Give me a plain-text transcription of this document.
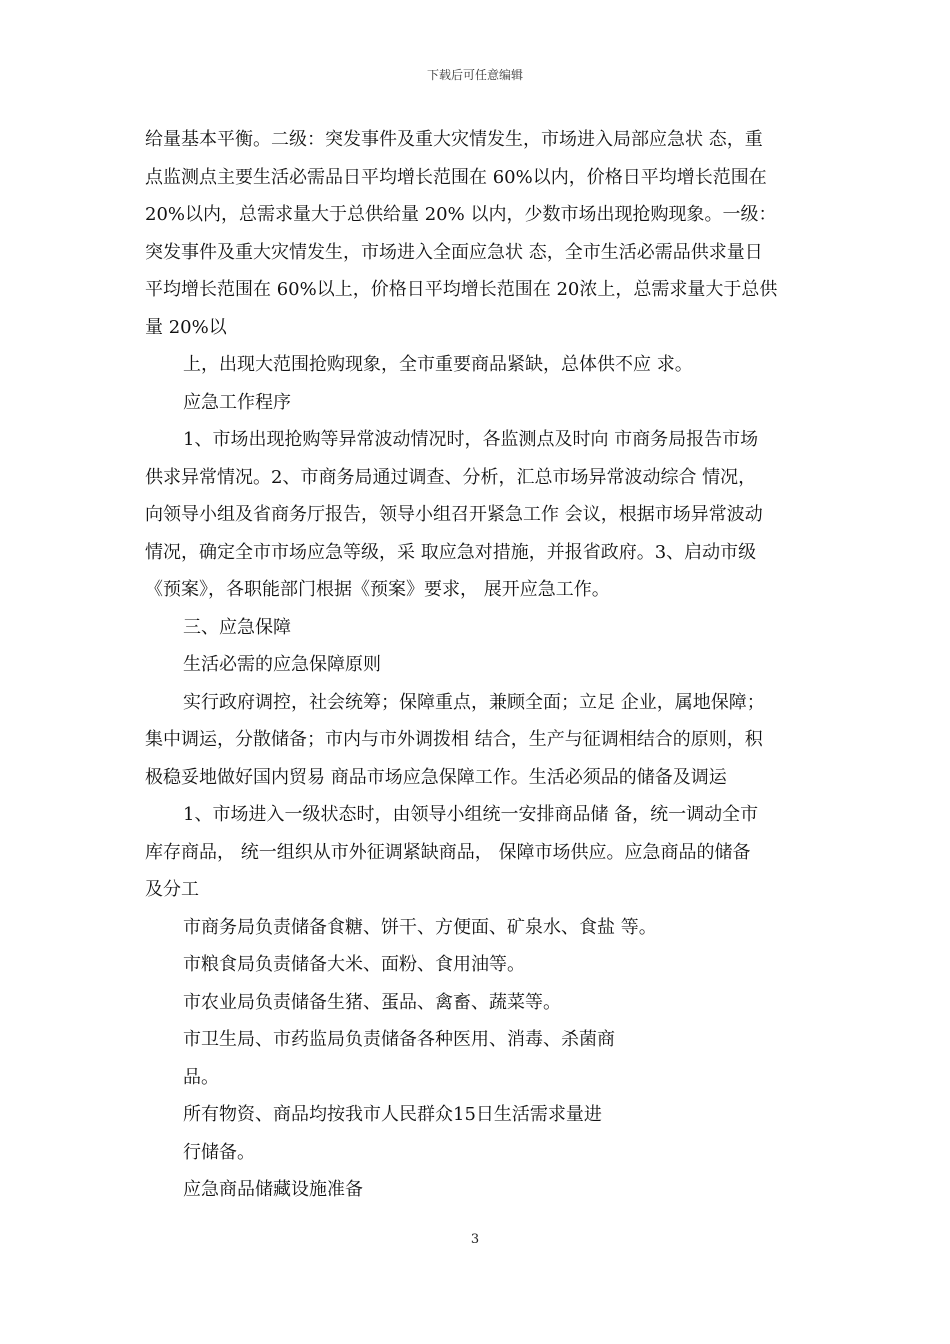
下载后可任意编辑
给量基本平衡。二级：突发事件及重大灾情发生，市场进入局部应急状 态，重
点监测点主要生活必需品日平均增长范围在 60%以内，价格日平均增长范围在
20%以内，总需求量大于总供给量 20% 以内，少数市场出现抢购现象。一级：
突发事件及重大灾情发生，市场进入全面应急状 态，全市生活必需品供求量日
平均增长范围在 60%以上，价格日平均增长范围在 20浓上，总需求量大于总供
量 20%以
上，出现大范围抢购现象，全市重要商品紧缺，总体供不应 求。
应急工作程序
1、市场出现抢购等异常波动情况时，各监测点及时向 市商务局报告市场
供求异常情况。2、市商务局通过调查、分析，汇总市场异常波动综合 情况，
向领导小组及省商务厅报告，领导小组召开紧急工作 会议，根据市场异常波动
情况，确定全市市场应急等级，采 取应急对措施，并报省政府。3、启动市级
《预案》，各职能部门根据《预案》要求， 展开应急工作。
三、应急保障
生活必需的应急保障原则
实行政府调控，社会统筹；保障重点，兼顾全面；立足 企业，属地保障；
集中调运，分散储备；市内与市外调拨相 结合，生产与征调相结合的原则，积
极稳妥地做好国内贸易 商品市场应急保障工作。生活必须品的储备及调运
1、市场进入一级状态时，由领导小组统一安排商品储 备，统一调动全市
库存商品， 统一组织从市外征调紧缺商品， 保障市场供应。应急商品的储备
及分工
市商务局负责储备食糖、饼干、方便面、矿泉水、食盐 等。
市粮食局负责储备大米、面粉、食用油等。
市农业局负责储备生猪、蛋品、禽畜、蔬菜等。
市卫生局、市药监局负责储备各种医用、消毒、杀菌商
品。
所有物资、商品均按我市人民群众15日生活需求量进
行储备。
应急商品储藏设施准备
3
